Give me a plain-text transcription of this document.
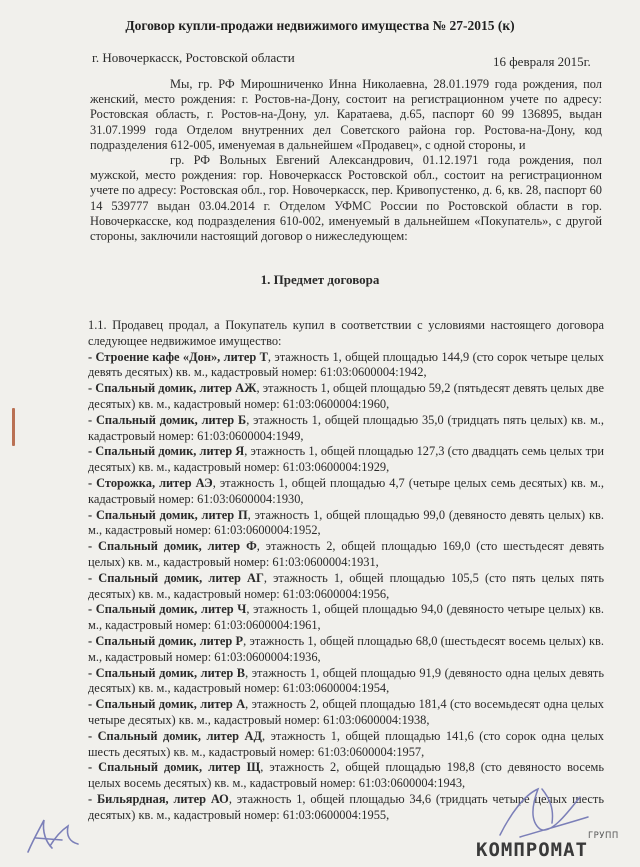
Договор купли-продажи недвижимого имущества № 27-2015 (к)
г. Новочеркасск, Ростовской области	16 февраля 2015г.

Мы, гр. РФ Мирошниченко Инна Николаевна, 28.01.1979 года рождения, пол женский, место рождения: г. Ростов-на-Дону, состоит на регистрационном учете по адресу: Ростовская область, г. Ростов-на-Дону, ул. Каратаева, д.65, паспорт 60 99 136895, выдан 31.07.1999 года Отделом внутренних дел Советского района гор. Ростова-на-Дону, код подразделения 612-005, именуемая в дальнейшем «Продавец», с одной стороны, и

гр. РФ Вольных Евгений Александрович, 01.12.1971 года рождения, пол мужской, место рождения: гор. Новочеркасск Ростовской обл., состоит на регистрационном учете по адресу: Ростовская обл., гор. Новочеркасск, пер. Кривопустенко, д. 6, кв. 28, паспорт 60 14 539777 выдан 03.04.2014 г. Отделом УФМС России по Ростовской области в гор. Новочеркасске, код подразделения 610-002, именуемый в дальнейшем «Покупатель», с другой стороны, заключили настоящий договор о нижеследующем:

1. Предмет договора

1.1. Продавец продал, а Покупатель купил в соответствии с условиями настоящего договора следующее недвижимое имущество:

- Строение кафе «Дон», литер Т, этажность 1, общей площадью 144,9 (сто сорок четыре целых девять десятых) кв. м., кадастровый номер: 61:03:0600004:1942,

- Спальный домик, литер АЖ, этажность 1, общей площадью 59,2 (пятьдесят девять целых две десятых) кв. м., кадастровый номер: 61:03:0600004:1960,

- Спальный домик, литер Б, этажность 1, общей площадью 35,0 (тридцать пять целых) кв. м., кадастровый номер: 61:03:0600004:1949,

- Спальный домик, литер Я, этажность 1, общей площадью 127,3 (сто двадцать семь целых три десятых) кв. м., кадастровый номер: 61:03:0600004:1929,

- Сторожка, литер АЭ, этажность 1, общей площадью 4,7 (четыре целых семь десятых) кв. м., кадастровый номер: 61:03:0600004:1930,

- Спальный домик, литер П, этажность 1, общей площадью 99,0 (девяносто девять целых) кв. м., кадастровый номер: 61:03:0600004:1952,

- Спальный домик, литер Ф, этажность 2, общей площадью 169,0 (сто шестьдесят девять целых) кв. м., кадастровый номер: 61:03:0600004:1931,

- Спальный домик, литер АГ, этажность 1, общей площадью 105,5 (сто пять целых пять десятых) кв. м., кадастровый номер: 61:03:0600004:1956,

- Спальный домик, литер Ч, этажность 1, общей площадью 94,0 (девяносто четыре целых) кв. м., кадастровый номер: 61:03:0600004:1961,

- Спальный домик, литер Р, этажность 1, общей площадью 68,0 (шестьдесят восемь целых) кв. м., кадастровый номер: 61:03:0600004:1936,

- Спальный домик, литер В, этажность 1, общей площадью 91,9 (девяносто одна целых девять десятых) кв. м., кадастровый номер: 61:03:0600004:1954,

- Спальный домик, литер А, этажность 2, общей площадью 181,4 (сто восемьдесят одна целых четыре десятых) кв. м., кадастровый номер: 61:03:0600004:1938,

- Спальный домик, литер АД, этажность 1, общей площадью 141,6 (сто сорок одна целых шесть десятых) кв. м., кадастровый номер: 61:03:0600004:1957,

- Спальный домик, литер Щ, этажность 2, общей площадью 198,8 (сто девяносто восемь целых восемь десятых) кв. м., кадастровый номер: 61:03:0600004:1943,

- Бильярдная, литер АО, этажность 1, общей площадью 34,6 (тридцать четыре целых шесть десятых) кв. м., кадастровый номер: 61:03:0600004:1955,

ГРУПП
КОМПРОМАТ
